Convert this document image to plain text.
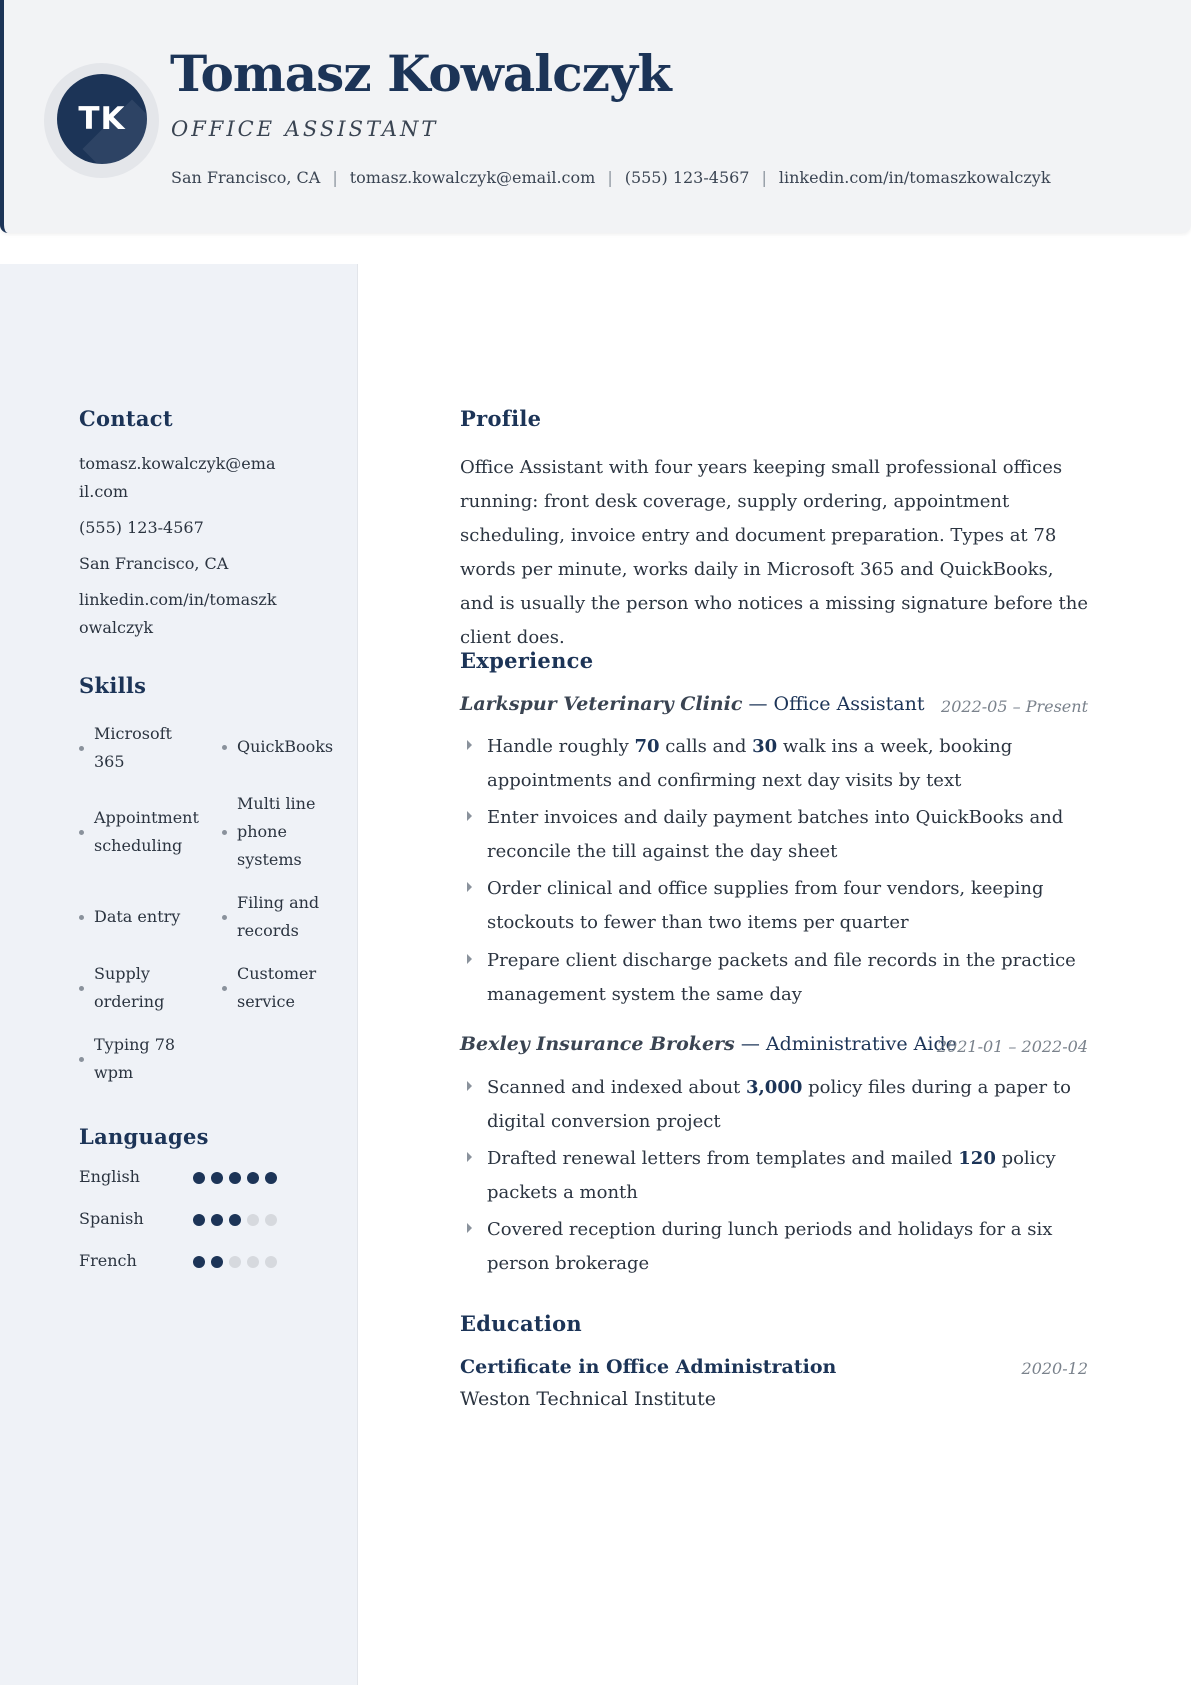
TK
Tomasz Kowalczyk
OFFICE ASSISTANT
San Francisco, CA | tomasz.kowalczyk@email.com | (555) 123-4567 | linkedin.com/in/tomaszkowalczyk
Contact
tomasz.kowalczyk@email.com
(555) 123-4567
San Francisco, CA
linkedin.com/in/tomaszkowalczyk
Skills
Microsoft 365
QuickBooks
Appointment scheduling
Multi line phone systems
Data entry
Filing and records
Supply ordering
Customer service
Typing 78 wpm
Languages
English
Spanish
French
Profile
Office Assistant with four years keeping small professional offices running: front desk coverage, supply ordering, appointment scheduling, invoice entry and document preparation. Types at 78 words per minute, works daily in Microsoft 365 and QuickBooks, and is usually the person who notices a missing signature before the client does.
Experience
Larkspur Veterinary Clinic — Office Assistant	2022-05 – Present
Handle roughly 70 calls and 30 walk ins a week, booking appointments and confirming next day visits by text
Enter invoices and daily payment batches into QuickBooks and reconcile the till against the day sheet
Order clinical and office supplies from four vendors, keeping stockouts to fewer than two items per quarter
Prepare client discharge packets and file records in the practice management system the same day
Bexley Insurance Brokers — Administrative Aide
2021-01 – 2022-04
Scanned and indexed about 3,000 policy files during a paper to digital conversion project
Drafted renewal letters from templates and mailed 120 policy packets a month
Covered reception during lunch periods and holidays for a six person brokerage
Education
Certificate in Office Administration	2020-12
Weston Technical Institute
